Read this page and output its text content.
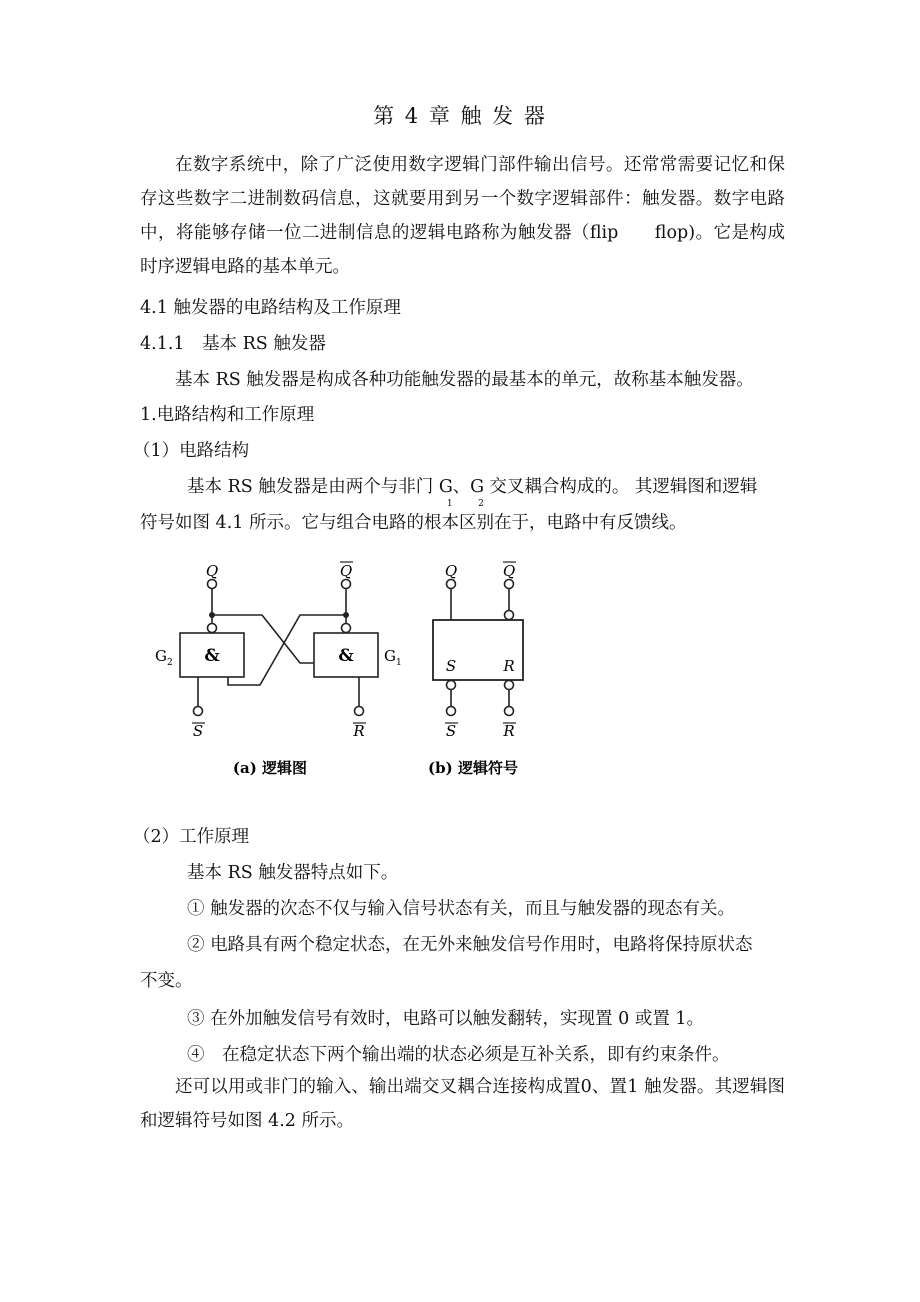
第 4 章 触 发 器
在数字系统中，除了广泛使用数字逻辑门部件输出信号。还常常需要记忆和保存这些数字二进制数码信息，这就要用到另一个数字逻辑部件：触发器。数字电路中，将能够存储一位二进制信息的逻辑电路称为触发器（flip　　flop)。它是构成时序逻辑电路的基本单元。
4.1 触发器的电路结构及工作原理
4.1.1　基本 RS 触发器
基本 RS 触发器是构成各种功能触发器的最基本的单元，故称基本触发器。
1.电路结构和工作原理
（1）电路结构
基本 RS 触发器是由两个与非门 $G_1$、$G_2$ 交叉耦合构成的。 其逻辑图和逻辑
符号如图 4.1 所示。它与组合电路的根本区别在于，电路中有反馈线。
&	&
$G_2$	$G_1$
Q	Q
S	R
Q	Q
S	R
S	R
(a) 逻辑图	(b) 逻辑符号
（2）工作原理
基本 RS 触发器特点如下。
① 触发器的次态不仅与输入信号状态有关，而且与触发器的现态有关。
② 电路具有两个稳定状态，在无外来触发信号作用时，电路将保持原状态
不变。
③ 在外加触发信号有效时，电路可以触发翻转，实现置 0 或置 1。
④　在稳定状态下两个输出端的状态必须是互补关系，即有约束条件。
还可以用或非门的输入、输出端交叉耦合连接构成置0、置1 触发器。其逻辑图和逻辑符号如图 4.2 所示。
